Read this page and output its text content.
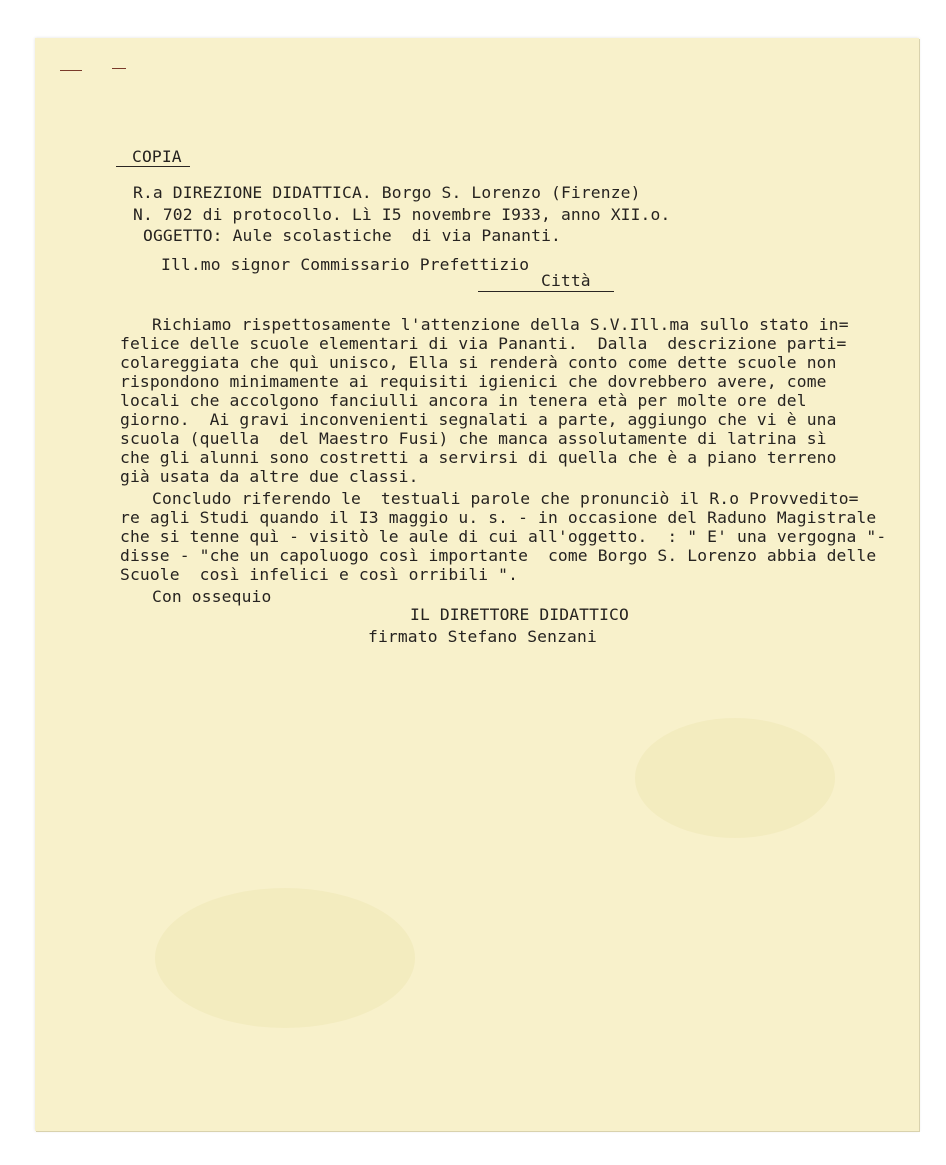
COPIA
R.a DIREZIONE DIDATTICA. Borgo S. Lorenzo (Firenze)
N. 702 di protocollo. Lì I5 novembre I933, anno XII.o.
OGGETTO: Aule scolastiche  di via Pananti.
Ill.mo signor Commissario Prefettizio
Città
Richiamo rispettosamente l'attenzione della S.V.Ill.ma sullo stato in=
felice delle scuole elementari di via Pananti.  Dalla  descrizione parti=
colareggiata che quì unisco, Ella si renderà conto come dette scuole non
rispondono minimamente ai requisiti igienici che dovrebbero avere, come
locali che accolgono fanciulli ancora in tenera età per molte ore del
giorno.  Ai gravi inconvenienti segnalati a parte, aggiungo che vi è una
scuola (quella  del Maestro Fusi) che manca assolutamente di latrina sì
che gli alunni sono costretti a servirsi di quella che è a piano terreno
già usata da altre due classi.
Concludo riferendo le  testuali parole che pronunciò il R.o Provvedito=
re agli Studi quando il I3 maggio u. s. - in occasione del Raduno Magistrale
che si tenne quì - visitò le aule di cui all'oggetto.  : " E' una vergogna "-
disse - "che un capoluogo così importante  come Borgo S. Lorenzo abbia delle
Scuole  così infelici e così orribili ".
Con ossequio
IL DIRETTORE DIDATTICO
firmato Stefano Senzani
